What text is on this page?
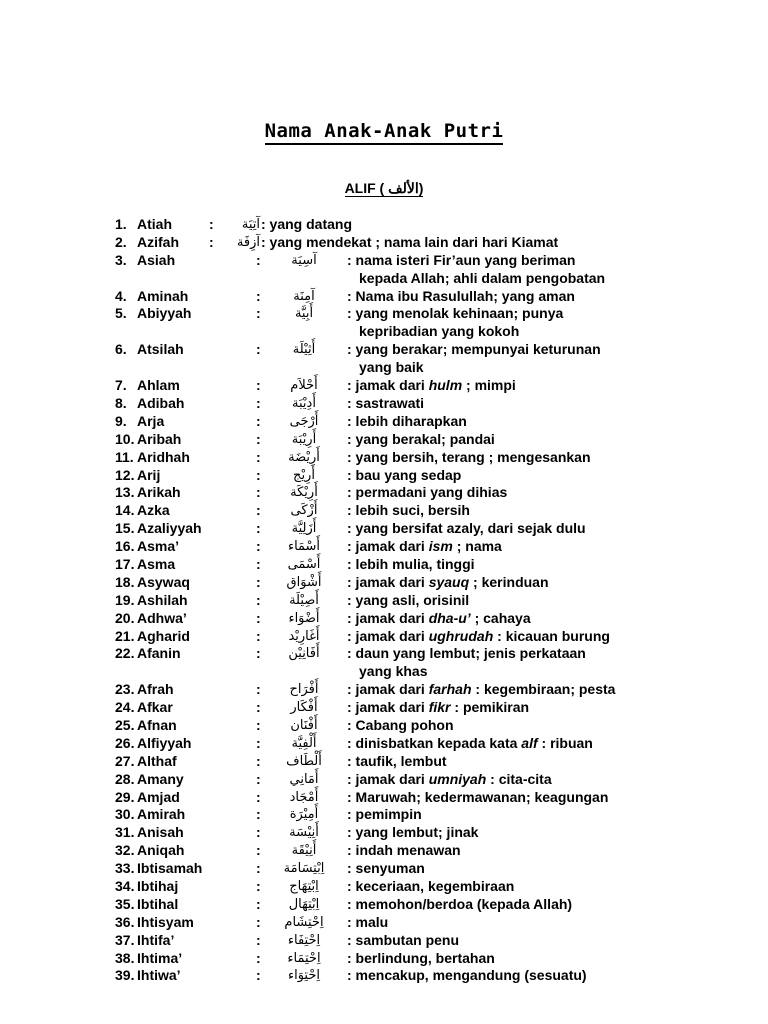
Nama Anak-Anak Putri
ALIF ( الألف)
1. Atiah	:	آتِيَة : yang datang
2. Azifah :	آزِفَة : yang mendekat ; nama lain dari hari Kiamat
3. Asiah	:	آسِيَة	: nama isteri Fir’aun yang beriman
kepada Allah; ahli dalam pengobatan
4. Aminah	:	آمِنَة	: Nama ibu Rasulullah; yang aman
5. Abiyyah	:	أَبِيَّة	: yang menolak kehinaan; punya
kepribadian yang kokoh
6. Atsilah	:	أَثِيْلَة	: yang berakar; mempunyai keturunan
yang baik
7. Ahlam	:	أَحْلاَم	: jamak dari hulm ; mimpi
8. Adibah	:	أَدِيْبَة	: sastrawati
9. Arja	:	أَرْجَى	: lebih diharapkan
10. Aribah	:	أَرِيْبَة	: yang berakal; pandai
11. Aridhah	:	أَرِيْضَة	: yang bersih, terang ; mengesankan
12. Arij	:	أَرِيْج	: bau yang sedap
13. Arikah	:	أَرِيْكَة	: permadani yang dihias
14. Azka	:	أَزْكَى	: lebih suci, bersih
15. Azaliyyah	:	أَزَلِيَّة	: yang bersifat azaly, dari sejak dulu
16. Asma’	:	أَسْمَاء	: jamak dari ism ; nama
17. Asma	:	أَسْمَى	: lebih mulia, tinggi
18. Asywaq	:	أَشْوَاق	: jamak dari syauq ; kerinduan
19. Ashilah	:	أَصِيْلَة	: yang asli, orisinil
20. Adhwa’	:	أَضْوَاء	: jamak dari dha-u’ ; cahaya
21. Agharid	:	أَغَارِيْد	: jamak dari ughrudah : kicauan burung
22. Afanin	:	أَفَانِيْن	: daun yang lembut; jenis perkataan
yang khas
23. Afrah	:	أَفْرَاح	: jamak dari farhah : kegembiraan; pesta
24. Afkar	:	أَفْكَار	: jamak dari fikr : pemikiran
25. Afnan	:	أَفْنَان	: Cabang pohon
26. Alfiyyah	:	أَلْفِيَّة	: dinisbatkan kepada kata alf : ribuan
27. Althaf	:	أَلْطَاف	: taufik, lembut
28. Amany	:	أَمَانِي	: jamak dari umniyah : cita-cita
29. Amjad	:	أَمْجَاد	: Maruwah; kedermawanan; keagungan
30. Amirah	:	أَمِيْرَة	: pemimpin
31. Anisah	:	أَنِيْسَة	: yang lembut; jinak
32. Aniqah	:	أَنِيْقَة	: indah menawan
33. Ibtisamah	:	اِبْتِسَامَة	: senyuman
34. Ibtihaj	:	اِبْتِهَاج	: keceriaan, kegembiraan
35. Ibtihal	:	اِبْتِهَال	: memohon/berdoa (kepada Allah)
36. Ihtisyam	:	اِحْتِشَام	: malu
37. Ihtifa’	:	اِحْتِفَاء	: sambutan penu
38. Ihtima’	:	اِحْتِمَاء	: berlindung, bertahan
39. Ihtiwa’	:	اِحْتِوَاء	: mencakup, mengandung (sesuatu)
